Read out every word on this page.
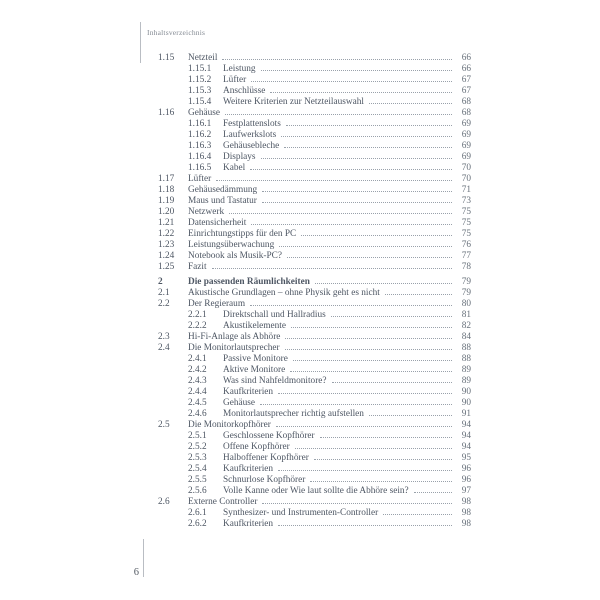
Inhaltsverzeichnis
1.15	Netzteil	66
1.15.1	Leistung	66
1.15.2	Lüfter	67
1.15.3	Anschlüsse	67
1.15.4	Weitere Kriterien zur Netzteilauswahl	68
1.16	Gehäuse	68
1.16.1	Festplattenslots	69
1.16.2	Laufwerkslots	69
1.16.3	Gehäusebleche	69
1.16.4	Displays	69
1.16.5	Kabel	70
1.17	Lüfter	70
1.18	Gehäusedämmung	71
1.19	Maus und Tastatur	73
1.20	Netzwerk	75
1.21	Datensicherheit	75
1.22	Einrichtungstipps für den PC	75
1.23	Leistungsüberwachung	76
1.24	Notebook als Musik-PC?	77
1.25	Fazit	78
2	Die passenden Räumlichkeiten	79
2.1	Akustische Grundlagen – ohne Physik geht es nicht	79
2.2	Der Regieraum	80
2.2.1	Direktschall und Hallradius	81
2.2.2	Akustikelemente	82
2.3	Hi-Fi-Anlage als Abhöre	84
2.4	Die Monitorlautsprecher	88
2.4.1	Passive Monitore	88
2.4.2	Aktive Monitore	89
2.4.3	Was sind Nahfeldmonitore?	89
2.4.4	Kaufkriterien	90
2.4.5	Gehäuse	90
2.4.6	Monitorlautsprecher richtig aufstellen	91
2.5	Die Monitorkopfhörer	94
2.5.1	Geschlossene Kopfhörer	94
2.5.2	Offene Kopfhörer	94
2.5.3	Halboffener Kopfhörer	95
2.5.4	Kaufkriterien	96
2.5.5	Schnurlose Kopfhörer	96
2.5.6	Volle Kanne oder Wie laut sollte die Abhöre sein?	97
2.6	Externe Controller	98
2.6.1	Synthesizer- und Instrumenten-Controller	98
2.6.2	Kaufkriterien	98
6
